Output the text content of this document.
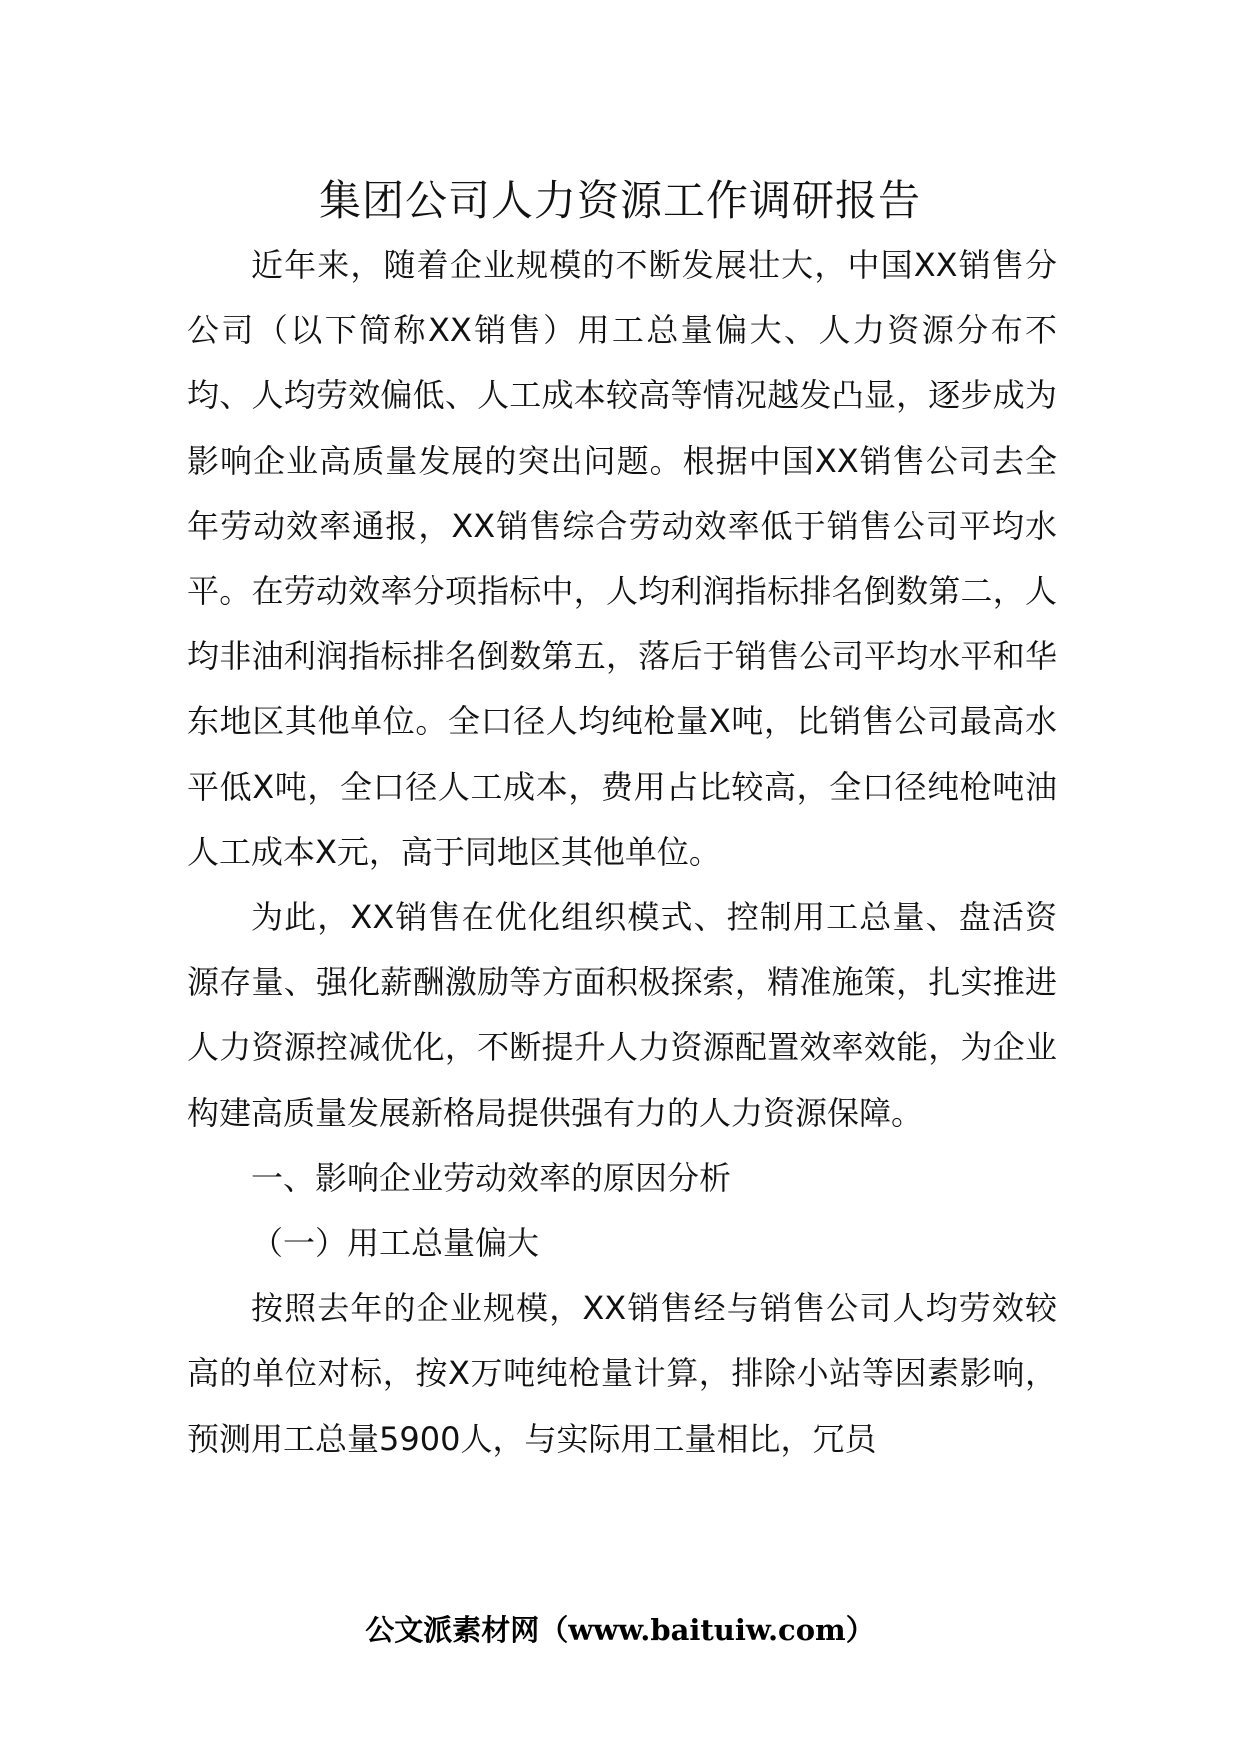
集团公司人力资源工作调研报告

近年来，随着企业规模的不断发展壮大，中国XX销售分公司（以下简称XX销售）用工总量偏大、人力资源分布不均、人均劳效偏低、人工成本较高等情况越发凸显，逐步成为影响企业高质量发展的突出问题。根据中国XX销售公司去全年劳动效率通报，XX销售综合劳动效率低于销售公司平均水平。在劳动效率分项指标中，人均利润指标排名倒数第二，人均非油利润指标排名倒数第五，落后于销售公司平均水平和华东地区其他单位。全口径人均纯枪量X吨，比销售公司最高水平低X吨，全口径人工成本，费用占比较高，全口径纯枪吨油人工成本X元，高于同地区其他单位。

为此，XX销售在优化组织模式、控制用工总量、盘活资源存量、强化薪酬激励等方面积极探索，精准施策，扎实推进人力资源控减优化，不断提升人力资源配置效率效能，为企业构建高质量发展新格局提供强有力的人力资源保障。

一、影响企业劳动效率的原因分析

（一）用工总量偏大

按照去年的企业规模，XX销售经与销售公司人均劳效较高的单位对标，按X万吨纯枪量计算，排除小站等因素影响，预测用工总量5900人，与实际用工量相比，冗员

公文派素材网（www.baituiw.com）
